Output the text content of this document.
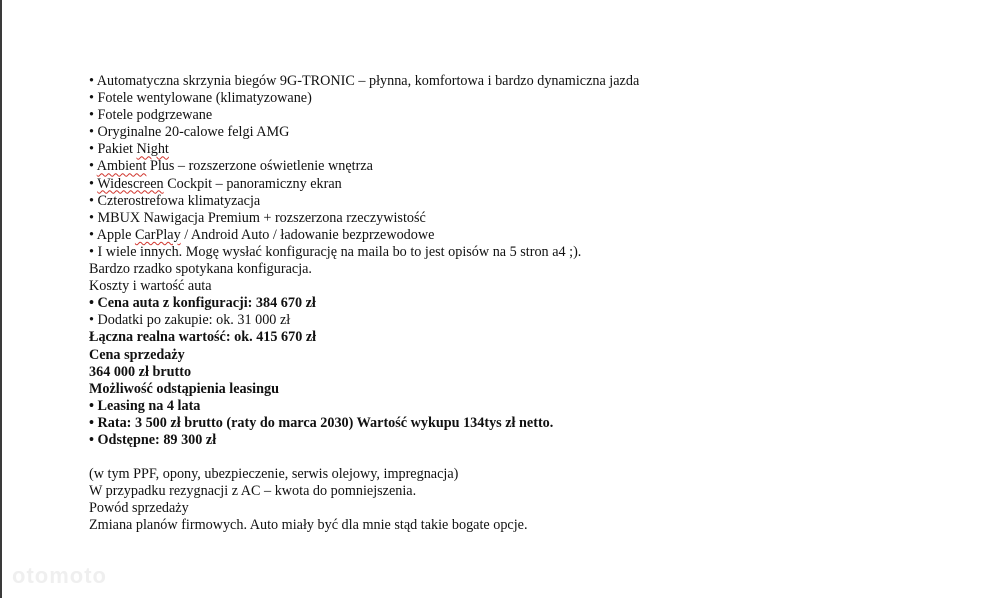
• Automatyczna skrzynia biegów 9G-TRONIC – płynna, komfortowa i bardzo dynamiczna jazda
• Fotele wentylowane (klimatyzowane)
• Fotele podgrzewane
• Oryginalne 20-calowe felgi AMG
• Pakiet Night
• Ambient Plus – rozszerzone oświetlenie wnętrza
• Widescreen Cockpit – panoramiczny ekran
• Czterostrefowa klimatyzacja
• MBUX Nawigacja Premium + rozszerzona rzeczywistość
• Apple CarPlay / Android Auto / ładowanie bezprzewodowe
• I wiele innych. Mogę wysłać konfigurację na maila bo to jest opisów na 5 stron a4 ;).
Bardzo rzadko spotykana konfiguracja.
Koszty i wartość auta
• Cena auta z konfiguracji: 384 670 zł
• Dodatki po zakupie: ok. 31 000 zł
Łączna realna wartość: ok. 415 670 zł
Cena sprzedaży
364 000 zł brutto
Możliwość odstąpienia leasingu
• Leasing na 4 lata
• Rata: 3 500 zł brutto (raty do marca 2030) Wartość wykupu 134tys zł netto.
• Odstępne: 89 300 zł
(w tym PPF, opony, ubezpieczenie, serwis olejowy, impregnacja)
W przypadku rezygnacji z AC – kwota do pomniejszenia.
Powód sprzedaży
Zmiana planów firmowych. Auto miały być dla mnie stąd takie bogate opcje.
otomoto
